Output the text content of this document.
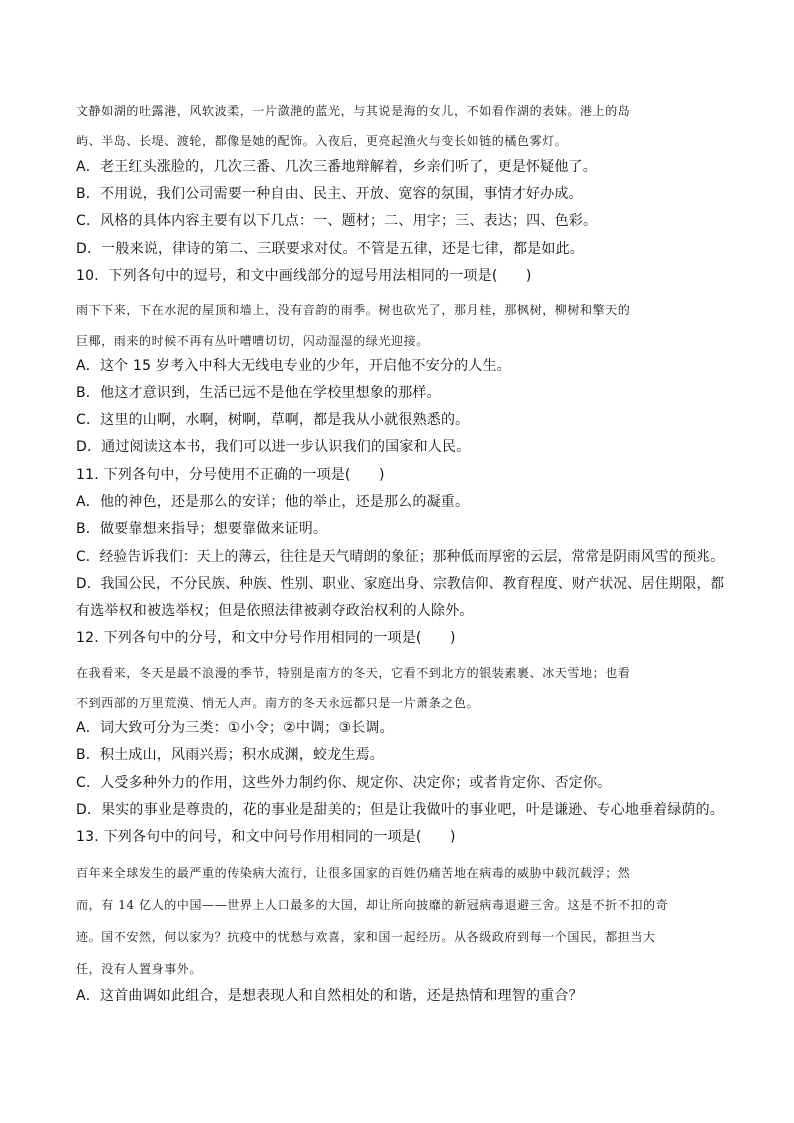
文静如湖的吐露港，风软波柔，一片潋滟的蓝光，与其说是海的女儿，不如看作湖的表妹。港上的岛
屿、半岛、长堤、渡轮，都像是她的配饰。入夜后，更亮起渔火与变长如链的橘色雾灯。
A．老王红头涨脸的，几次三番、几次三番地辩解着，乡亲们听了，更是怀疑他了。
B．不用说，我们公司需要一种自由、民主、开放、宽容的氛围，事情才好办成。
C．风格的具体内容主要有以下几点：一、题材；二、用字；三、表达；四、色彩。
D．一般来说，律诗的第二、三联要求对仗。不管是五律，还是七律，都是如此。
10．下列各句中的逗号，和文中画线部分的逗号用法相同的一项是(　　)
雨下下来，下在水泥的屋顶和墙上，没有音韵的雨季。树也砍光了，那月桂，那枫树，柳树和擎天的
巨椰，雨来的时候不再有丛叶嘈嘈切切，闪动湿湿的绿光迎接。
A．这个 15 岁考入中科大无线电专业的少年，开启他不安分的人生。
B．他这才意识到，生活已远不是他在学校里想象的那样。
C．这里的山啊，水啊，树啊，草啊，都是我从小就很熟悉的。
D．通过阅读这本书，我们可以进一步认识我们的国家和人民。
11. 下列各句中，分号使用不正确的一项是(　　)
A．他的神色，还是那么的安详；他的举止，还是那么的凝重。
B．做要靠想来指导；想要靠做来证明。
C．经验告诉我们：天上的薄云，往往是天气晴朗的象征；那种低而厚密的云层，常常是阴雨风雪的预兆。
D．我国公民，不分民族、种族、性别、职业、家庭出身、宗教信仰、教育程度、财产状况、居住期限，都
有选举权和被选举权；但是依照法律被剥夺政治权利的人除外。
12. 下列各句中的分号，和文中分号作用相同的一项是(　　)
在我看来，冬天是最不浪漫的季节，特别是南方的冬天，它看不到北方的银装素裹、冰天雪地；也看
不到西部的万里荒漠、悄无人声。南方的冬天永远都只是一片萧条之色。
A．词大致可分为三类：①小令；②中调；③长调。
B．积土成山，风雨兴焉；积水成渊，蛟龙生焉。
C．人受多种外力的作用，这些外力制约你、规定你、决定你；或者肯定你、否定你。
D．果实的事业是尊贵的，花的事业是甜美的；但是让我做叶的事业吧，叶是谦逊、专心地垂着绿荫的。
13. 下列各句中的问号，和文中问号作用相同的一项是(　　)
百年来全球发生的最严重的传染病大流行，让很多国家的百姓仍痛苦地在病毒的威胁中载沉载浮；然
而，有 14 亿人的中国——世界上人口最多的大国，却让所向披靡的新冠病毒退避三舍。这是不折不扣的奇
迹。国不安然，何以家为？抗疫中的忧愁与欢喜，家和国一起经历。从各级政府到每一个国民，都担当大
任，没有人置身事外。
A．这首曲调如此组合，是想表现人和自然相处的和谐，还是热情和理智的重合？
